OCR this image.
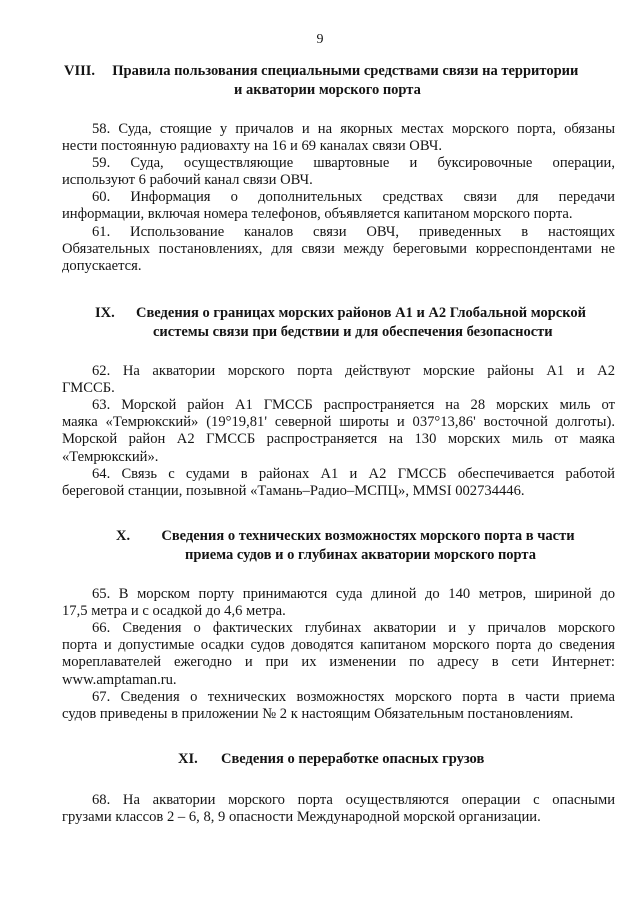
9
VIII. Правила пользования специальными средствами связи на территории
и акватории морского порта
58. Суда, стоящие у причалов и на якорных местах морского порта, обязаны
нести постоянную радиовахту на 16 и 69 каналах связи ОВЧ.
59. Суда, осуществляющие швартовные и буксировочные операции,
используют 6 рабочий канал связи ОВЧ.
60. Информация о дополнительных средствах связи для передачи
информации, включая номера телефонов, объявляется капитаном морского порта.
61. Использование каналов связи ОВЧ, приведенных в настоящих
Обязательных постановлениях, для связи между береговыми корреспондентами не
допускается.
IX. Сведения о границах морских районов А1 и А2 Глобальной морской
системы связи при бедствии и для обеспечения безопасности
62. На акватории морского порта действуют морские районы А1 и А2
ГМССБ.
63. Морской район А1 ГМССБ распространяется на 28 морских миль от
маяка «Темрюкский» (19°19,81' северной широты и 037°13,86' восточной долготы).
Морской район А2 ГМССБ распространяется на 130 морских миль от маяка
«Темрюкский».
64. Связь с судами в районах А1 и А2 ГМССБ обеспечивается работой
береговой станции, позывной «Тамань–Радио–МСПЦ», MMSI 002734446.
X. Сведения о технических возможностях морского порта в части
приема судов и о глубинах акватории морского порта
65. В морском порту принимаются суда длиной до 140 метров, шириной до
17,5 метра и с осадкой до 4,6 метра.
66. Сведения о фактических глубинах акватории и у причалов морского
порта и допустимые осадки судов доводятся капитаном морского порта до сведения
мореплавателей ежегодно и при их изменении по адресу в сети Интернет:
www.amptaman.ru.
67. Сведения о технических возможностях морского порта в части приема
судов приведены в приложении № 2 к настоящим Обязательным постановлениям.
XI. Сведения о переработке опасных грузов
68. На акватории морского порта осуществляются операции с опасными
грузами классов 2 – 6, 8, 9 опасности Международной морской организации.
